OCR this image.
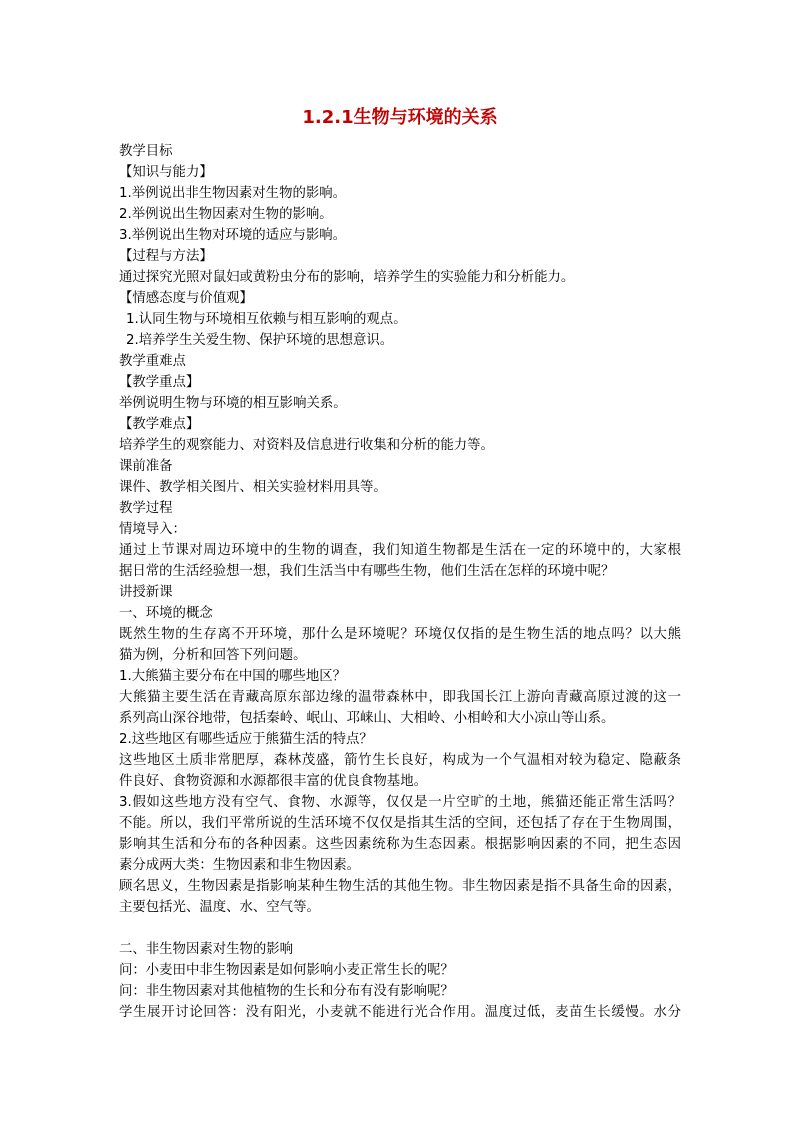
1.2.1生物与环境的关系
教学目标
【知识与能力】
1.举例说出非生物因素对生物的影响。
2.举例说出生物因素对生物的影响。
3.举例说出生物对环境的适应与影响。
【过程与方法】
通过探究光照对鼠妇或黄粉虫分布的影响，培养学生的实验能力和分析能力。
【情感态度与价值观】
1.认同生物与环境相互依赖与相互影响的观点。
2.培养学生关爱生物、保护环境的思想意识。
教学重难点
【教学重点】
举例说明生物与环境的相互影响关系。
【教学难点】
培养学生的观察能力、对资料及信息进行收集和分析的能力等。
课前准备
课件、教学相关图片、相关实验材料用具等。
教学过程
情境导入：
通过上节课对周边环境中的生物的调查，我们知道生物都是生活在一定的环境中的，大家根
据日常的生活经验想一想，我们生活当中有哪些生物，他们生活在怎样的环境中呢？
讲授新课
一、环境的概念
既然生物的生存离不开环境，那什么是环境呢？环境仅仅指的是生物生活的地点吗？以大熊
猫为例，分析和回答下列问题。
1.大熊猫主要分布在中国的哪些地区？
大熊猫主要生活在青藏高原东部边缘的温带森林中，即我国长江上游向青藏高原过渡的这一
系列高山深谷地带，包括秦岭、岷山、邛崃山、大相岭、小相岭和大小凉山等山系。
2.这些地区有哪些适应于熊猫生活的特点？
这些地区土质非常肥厚，森林茂盛，箭竹生长良好，构成为一个气温相对较为稳定、隐蔽条
件良好、食物资源和水源都很丰富的优良食物基地。
3.假如这些地方没有空气、食物、水源等，仅仅是一片空旷的土地，熊猫还能正常生活吗？
不能。所以，我们平常所说的生活环境不仅仅是指其生活的空间，还包括了存在于生物周围，
影响其生活和分布的各种因素。这些因素统称为生态因素。根据影响因素的不同，把生态因
素分成两大类：生物因素和非生物因素。
顾名思义，生物因素是指影响某种生物生活的其他生物。非生物因素是指不具备生命的因素，
主要包括光、温度、水、空气等。
二、非生物因素对生物的影响
问：小麦田中非生物因素是如何影响小麦正常生长的呢？
问：非生物因素对其他植物的生长和分布有没有影响呢？
学生展开讨论回答：没有阳光，小麦就不能进行光合作用。温度过低，麦苗生长缓慢。水分
